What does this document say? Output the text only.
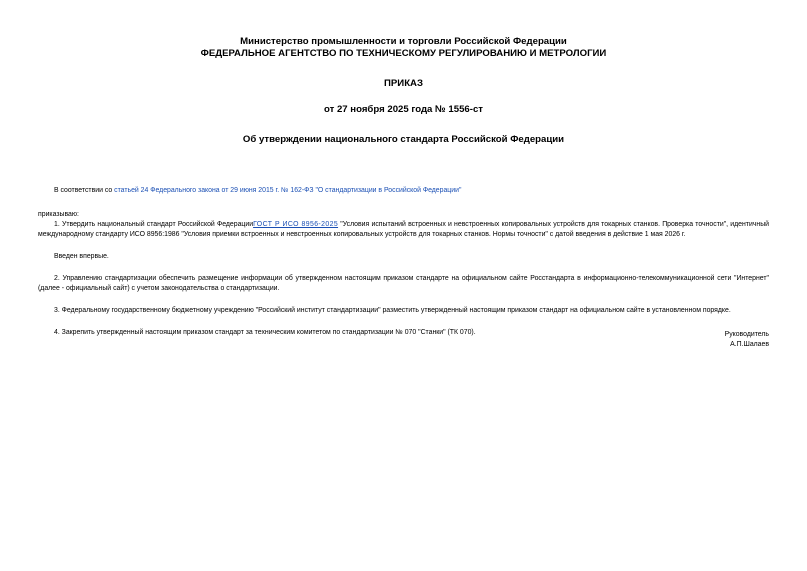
Министерство промышленности и торговли Российской Федерации
ФЕДЕРАЛЬНОЕ АГЕНТСТВО ПО ТЕХНИЧЕСКОМУ РЕГУЛИРОВАНИЮ И МЕТРОЛОГИИ
ПРИКАЗ
от 27 ноября 2025 года № 1556-ст
Об утверждении национального стандарта Российской Федерации

В соответствии со статьей 24 Федерального закона от 29 июня 2015 г. № 162-ФЗ "О стандартизации в Российской Федерации"

приказываю:

1. Утвердить национальный стандарт Российской ФедерацииГОСТ Р ИСО 8956-2025 "Условия испытаний встроенных и невстроенных копировальных устройств для токарных станков. Проверка точности", идентичный международному стандарту ИСО 8956:1986 "Условия приемки встроенных и невстроенных копировальных устройств для токарных станков. Нормы точности" с датой введения в действие 1 мая 2026 г.

Введен впервые.

2. Управлению стандартизации обеспечить размещение информации об утвержденном настоящим приказом стандарте на официальном сайте Росстандарта в информационно-телекоммуникационной сети "Интернет" (далее - официальный сайт) с учетом законодательства о стандартизации.

3. Федеральному государственному бюджетному учреждению "Российский институт стандартизации" разместить утвержденный настоящим приказом стандарт на официальном сайте в установленном порядке.

4. Закрепить утвержденный настоящим приказом стандарт за техническим комитетом по стандартизации № 070 "Станки" (ТК 070).	Руководитель
А.П.Шалаев
